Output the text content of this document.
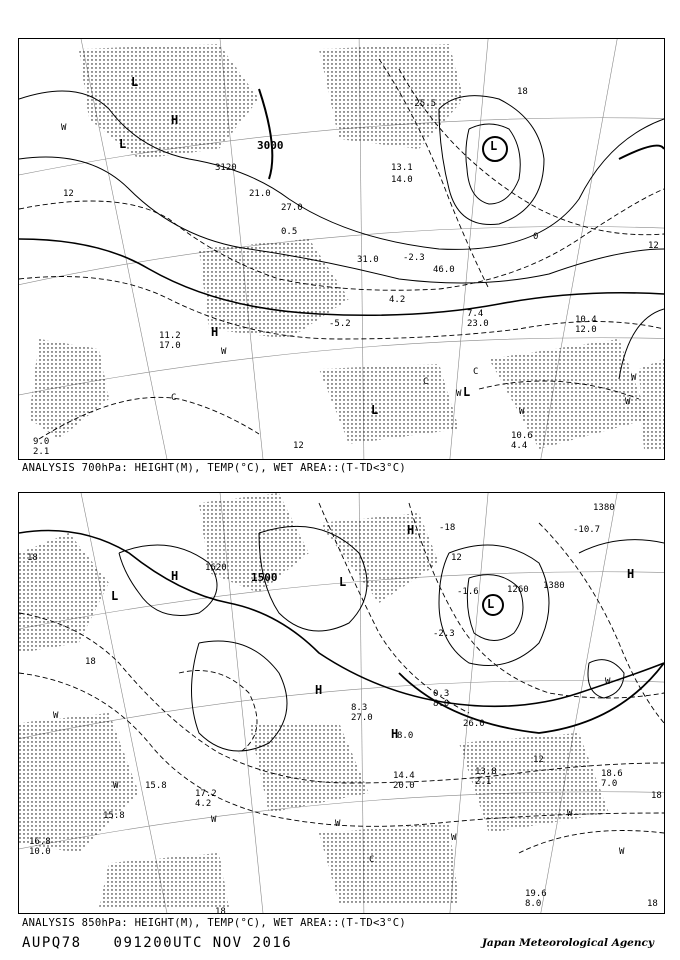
3000
3120
12
12
0
12
18
L
L
H
H
L
L
L
W
W
W
W
W
C
C
C
W
21.0
27.0
13.1
14.0
31.0
46.0
7.4
23.0	10.4
12.0
11.2
17.0
10.6
4.4
9.0
2.1
-25.5
-2.3
0.5
4.2
-5.2
ANALYSIS 700hPa: HEIGHT(M), TEMP(°C), WET AREA::(T-TD<3°C)
1620
1500
1260 1380
1380
18
18
12
18
12
18
18
H
L
L
H
H
H
H
L
W
W
W	W
W
W
W
W
C
14.4
20.0
13.8
2.1
18.6
7.0
19.6
8.0
15.8
15.8
16.8
10.0
17.2
4.2
8.3
27.0
8.0
0.3
8.0
-2.3
26.0
-10.7
-1.6
-18
ANALYSIS 850hPa: HEIGHT(M), TEMP(°C), WET AREA::(T-TD<3°C)
AUPQ78 091200UTC NOV 2016	Japan Meteorological Agency
